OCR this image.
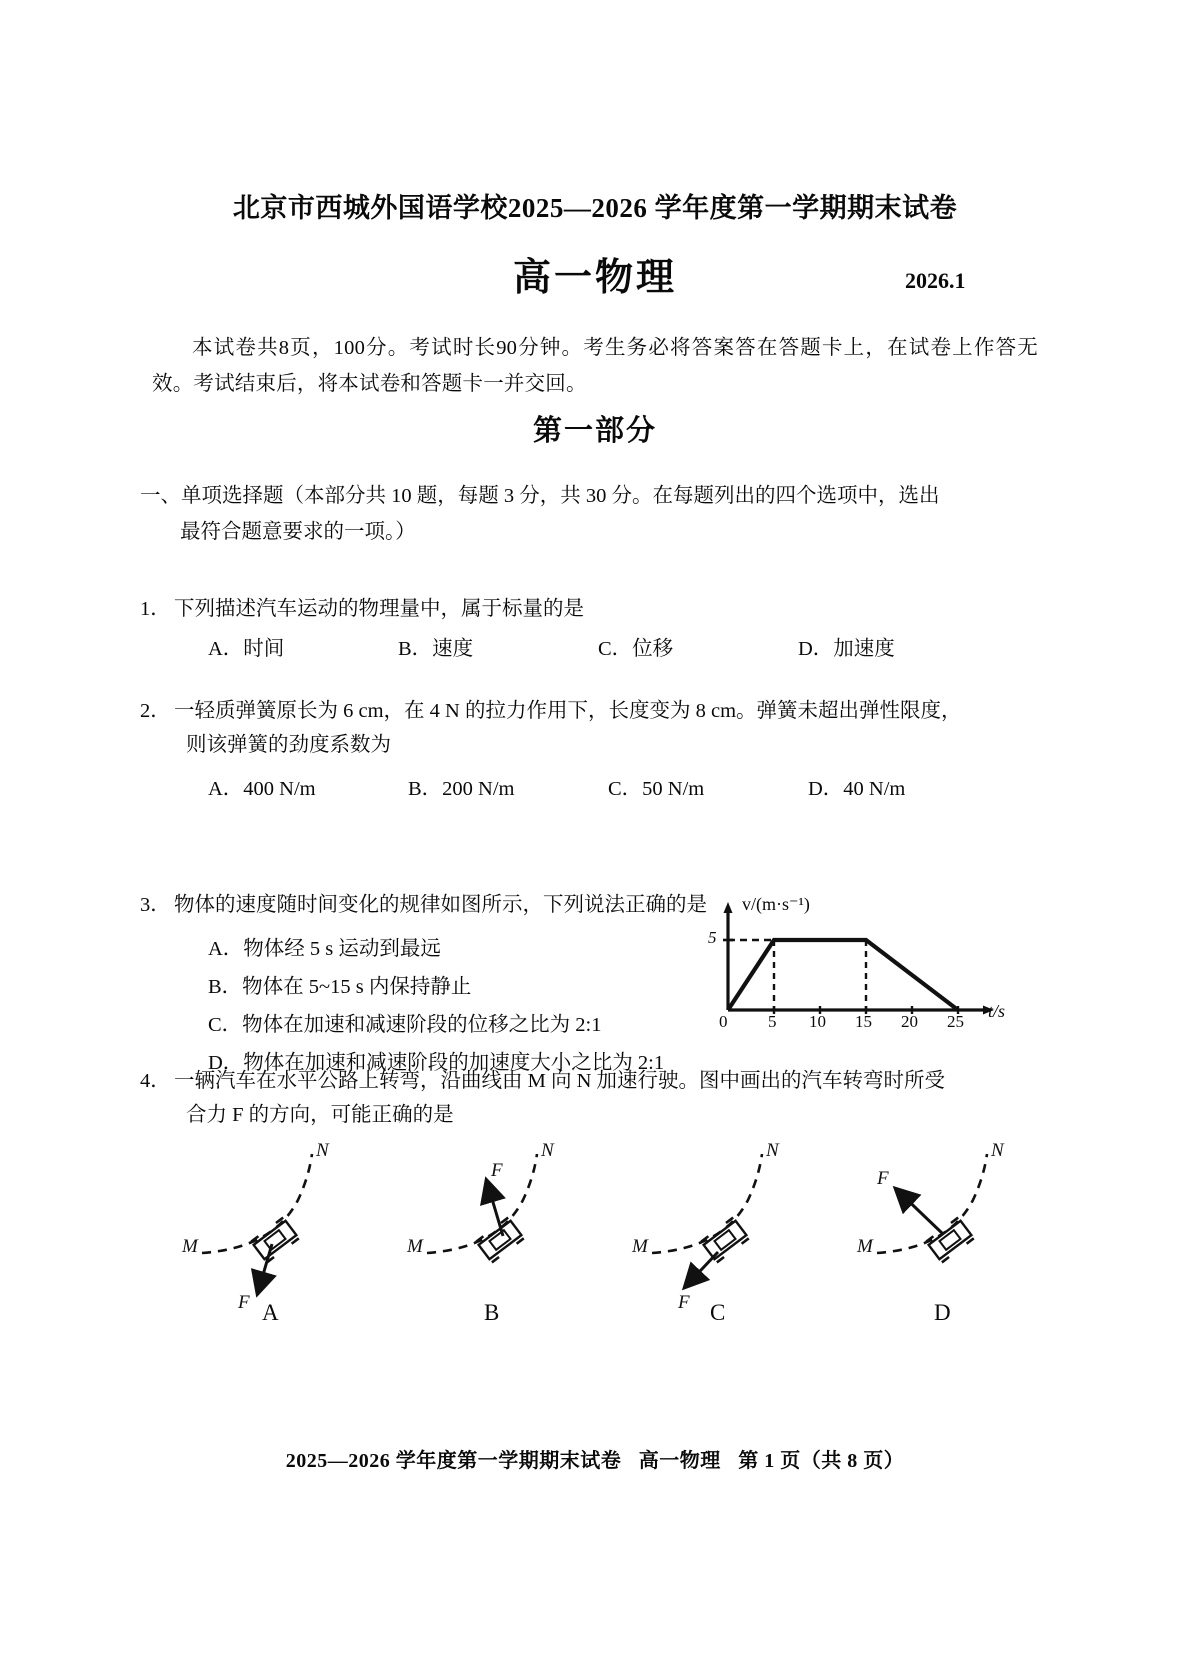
北京市西城外国语学校2025—2026 学年度第一学期期末试卷
高一物理	2026.1
本试卷共8页，100分。考试时长90分钟。考生务必将答案答在答题卡上，在试卷上作答无效。考试结束后，将本试卷和答题卡一并交回。
第一部分
一、单项选择题（本部分共 10 题，每题 3 分，共 30 分。在每题列出的四个选项中，选出
最符合题意要求的一项。）
1． 下列描述汽车运动的物理量中，属于标量的是
A．时间	B．速度	C．位移	D．加速度
2． 一轻质弹簧原长为 6 cm，在 4 N 的拉力作用下，长度变为 8 cm。弹簧未超出弹性限度，
则该弹簧的劲度系数为
A．400 N/m	B．200 N/m	C．50 N/m	D．40 N/m
3． 物体的速度随时间变化的规律如图所示，下列说法正确的是
A．物体经 5 s 运动到最远
B．物体在 5~15 s 内保持静止
C．物体在加速和减速阶段的位移之比为 2:1
D．物体在加速和减速阶段的加速度大小之比为 2:1
v/(m·s⁻¹)
5
0 5 10 15 20 25
t/s
4． 一辆汽车在水平公路上转弯，沿曲线由 M 向 N 加速行驶。图中画出的汽车转弯时所受
合力 F 的方向，可能正确的是
M
N
F
M
N
F
M
N
F
M
N
F
A	B	C	D
2025—2026 学年度第一学期期末试卷 高一物理 第 1 页（共 8 页）
